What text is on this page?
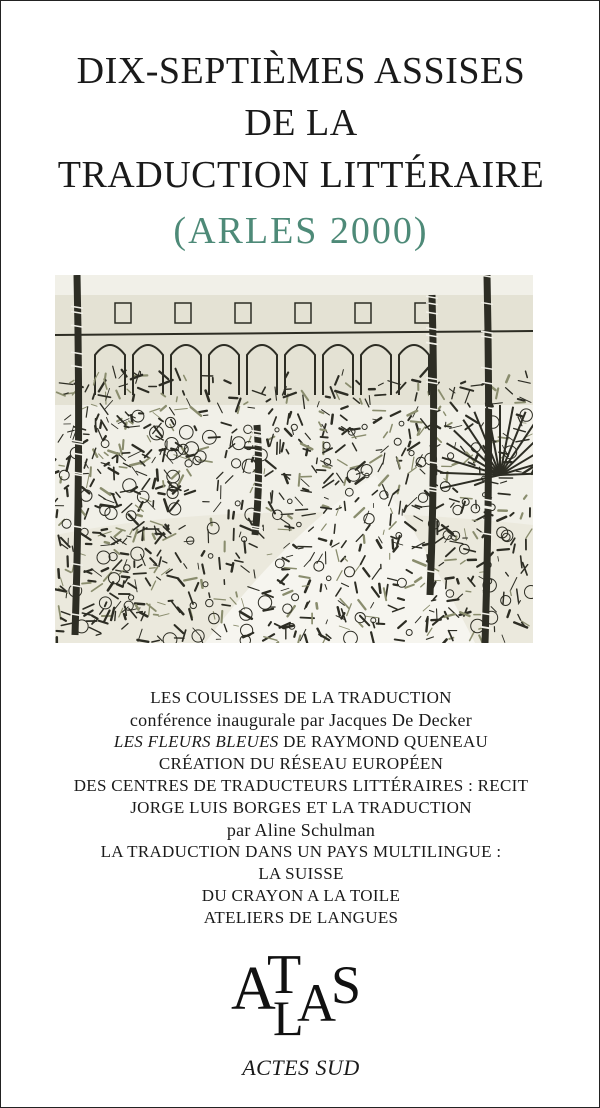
DIX-SEPTIÈMES ASSISES
DE LA
TRADUCTION LITTÉRAIRE
(ARLES 2000)
LES COULISSES DE LA TRADUCTION
conférence inaugurale par Jacques De Decker
LES FLEURS BLEUES DE RAYMOND QUENEAU
CRÉATION DU RÉSEAU EUROPÉEN
DES CENTRES DE TRADUCTEURS LITTÉRAIRES : RECIT
JORGE LUIS BORGES ET LA TRADUCTION
par Aline Schulman
LA TRADUCTION DANS UN PAYS MULTILINGUE :
LA SUISSE
DU CRAYON A LA TOILE
ATELIERS DE LANGUES
A
T
L
A
S
ACTES SUD
